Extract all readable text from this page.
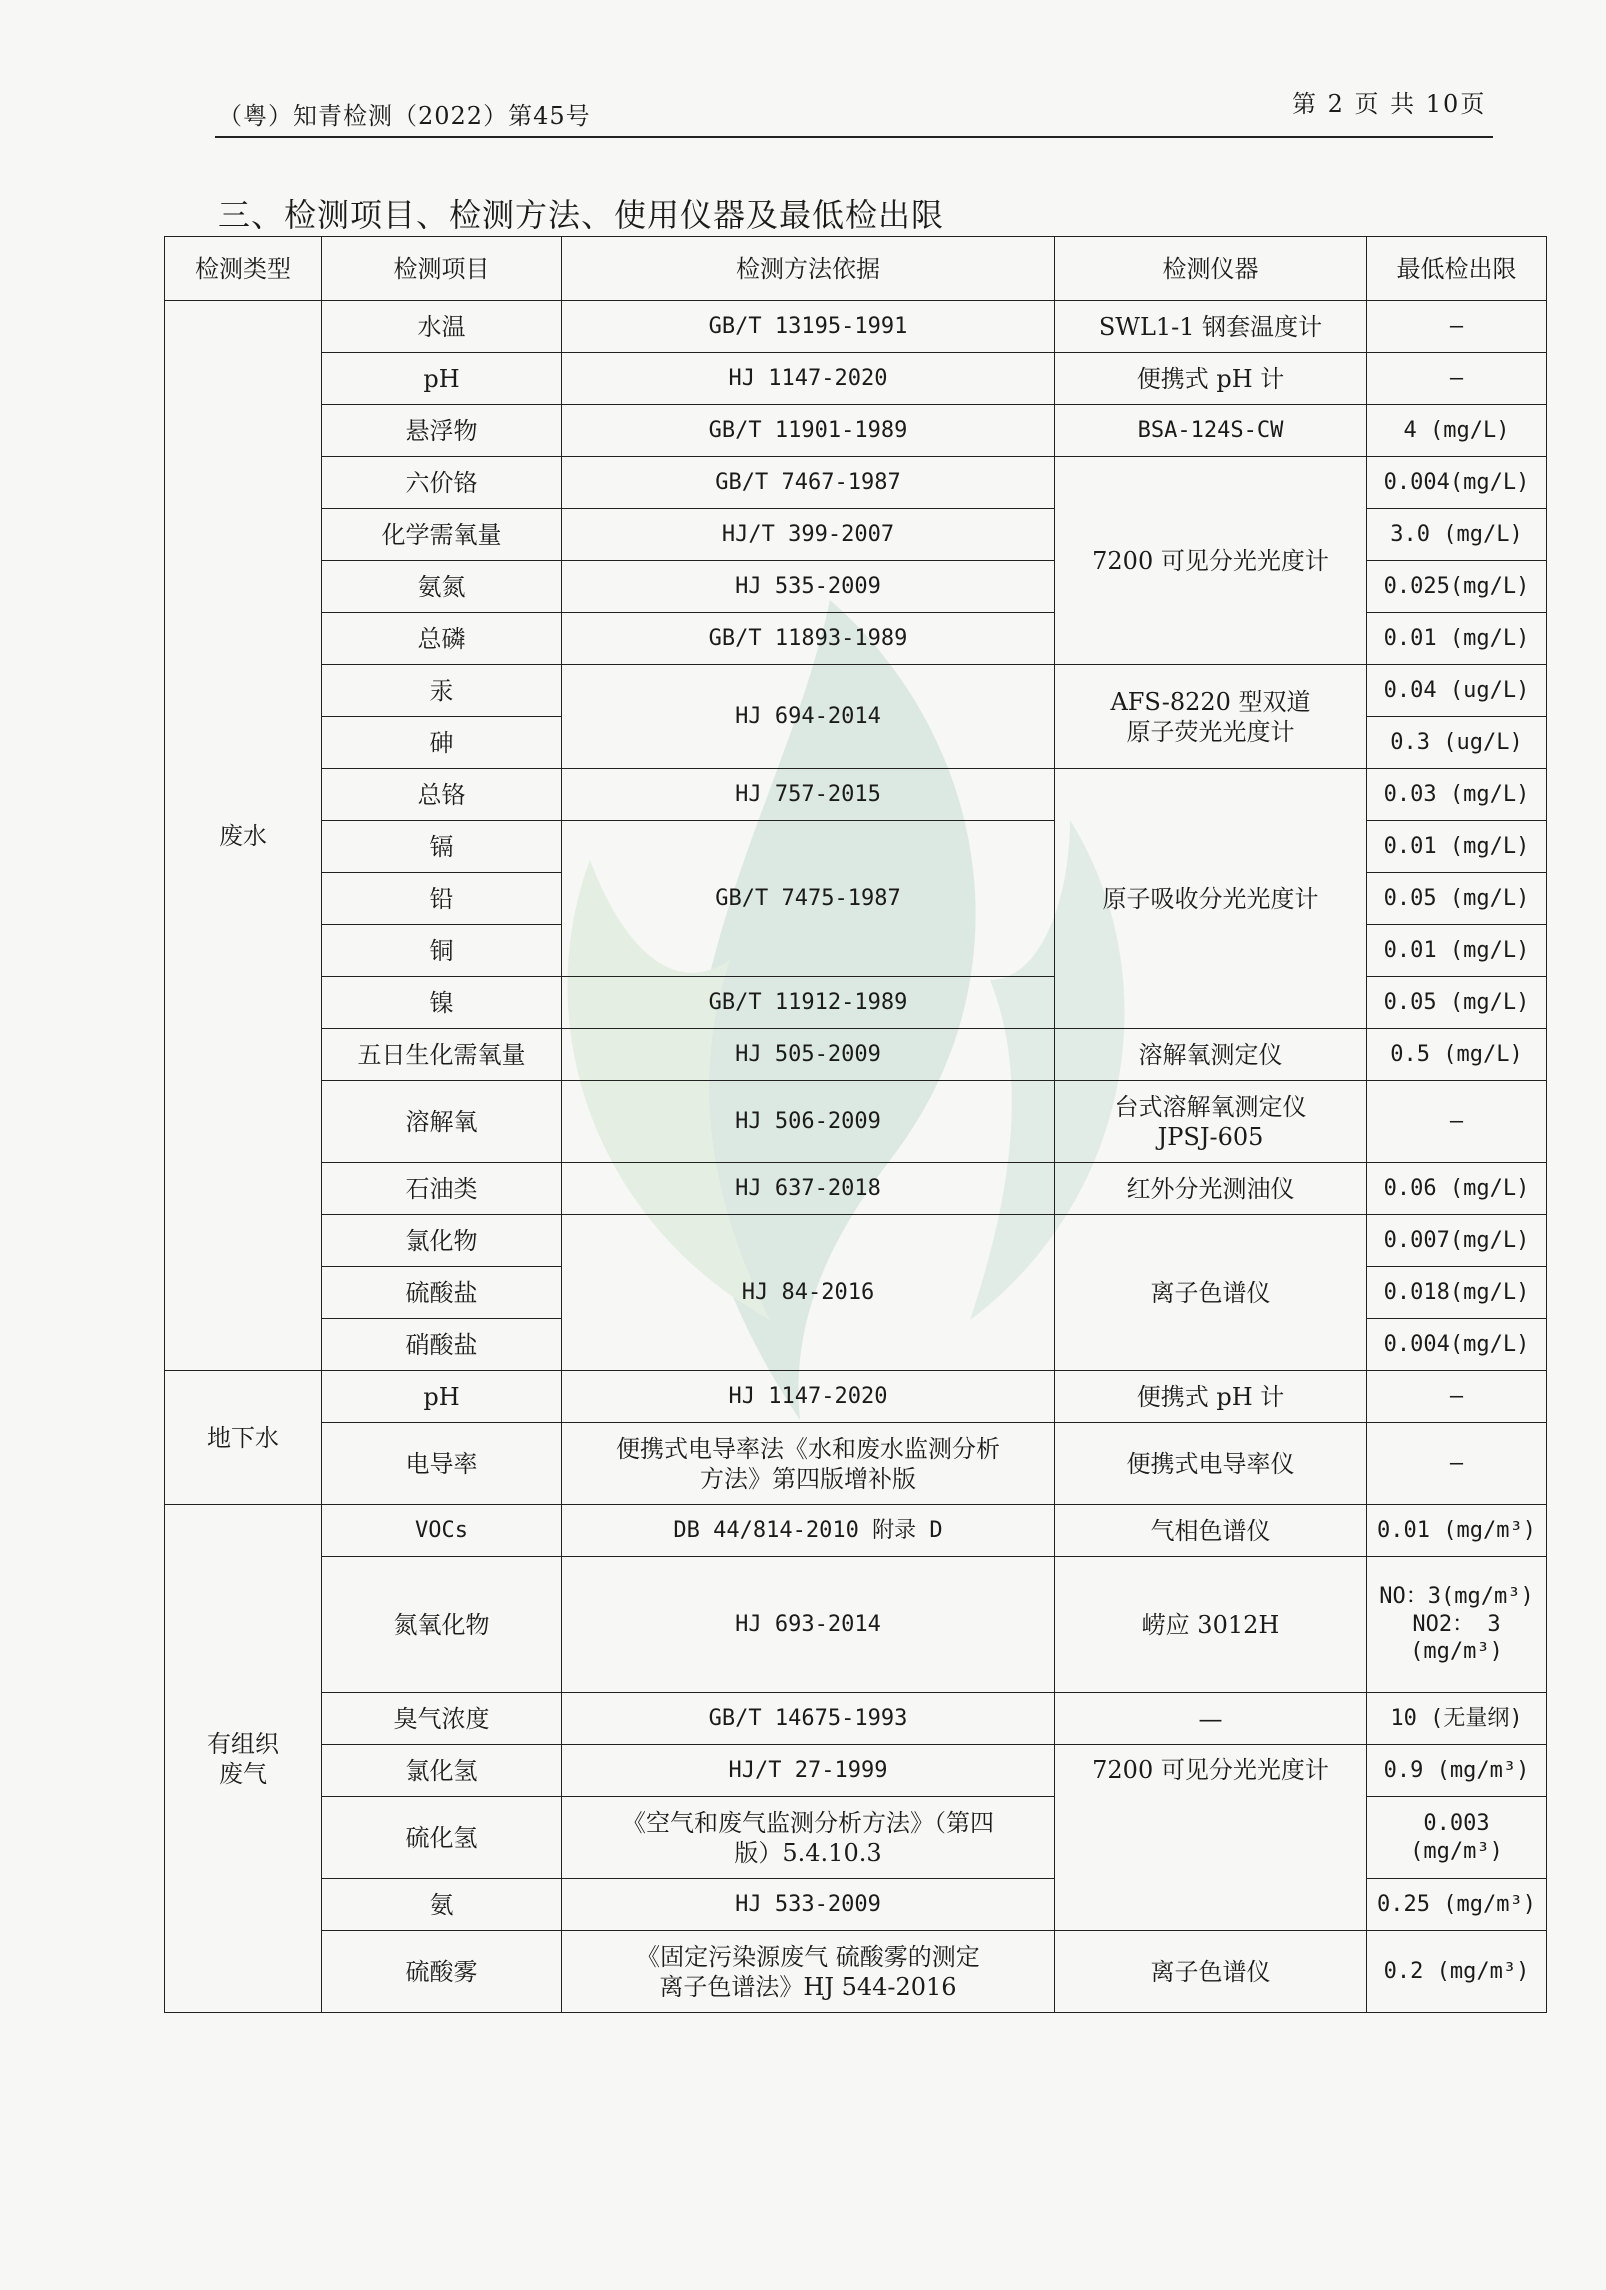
（粤）知青检测（2022）第45号	第 2 页 共 10页
三、检测项目、检测方法、使用仪器及最低检出限
检测类型	检测项目	检测方法依据	检测仪器	最低检出限
废水	水温	GB/T 13195-1991	SWL1-1 钢套温度计	—
	pH	HJ 1147-2020	便携式 pH 计	—
	悬浮物	GB/T 11901-1989	BSA-124S-CW	4 (mg/L)
	六价铬	GB/T 7467-1987	7200 可见分光光度计	0.004(mg/L)
	化学需氧量	HJ/T 399-2007		3.0 (mg/L)
	氨氮	HJ 535-2009		0.025(mg/L)
	总磷	GB/T 11893-1989		0.01 (mg/L)
	汞	HJ 694-2014	AFS-8220 型双道
原子荧光光度计	0.04 (ug/L)
	砷			0.3 (ug/L)
	总铬	HJ 757-2015	原子吸收分光光度计	0.03 (mg/L)
	镉	GB/T 7475-1987		0.01 (mg/L)
	铅			0.05 (mg/L)
	铜			0.01 (mg/L)
	镍	GB/T 11912-1989		0.05 (mg/L)
	五日生化需氧量	HJ 505-2009	溶解氧测定仪	0.5 (mg/L)
	溶解氧	HJ 506-2009	台式溶解氧测定仪
JPSJ-605	—
	石油类	HJ 637-2018	红外分光测油仪	0.06 (mg/L)
	氯化物	HJ 84-2016	离子色谱仪	0.007(mg/L)
	硫酸盐			0.018(mg/L)
	硝酸盐			0.004(mg/L)
地下水	pH	HJ 1147-2020	便携式 pH 计	—
	电导率	便携式电导率法《水和废水监测分析
方法》第四版增补版	便携式电导率仪	—
有组织
废气	VOCs	DB 44/814-2010 附录 D	气相色谱仪	0.01 (mg/m³)
	氮氧化物	HJ 693-2014	崂应 3012H	NO：3(mg/m³)
NO2： 3
(mg/m³)
	臭气浓度	GB/T 14675-1993	—	10 (无量纲)
	氯化氢	HJ/T 27-1999	7200 可见分光光度计	0.9 (mg/m³)
	硫化氢	《空气和废气监测分析方法》（第四
版）5.4.10.3		0.003
(mg/m³)
	氨	HJ 533-2009		0.25 (mg/m³)
	硫酸雾	《固定污染源废气 硫酸雾的测定
离子色谱法》HJ 544-2016	离子色谱仪	0.2 (mg/m³)
